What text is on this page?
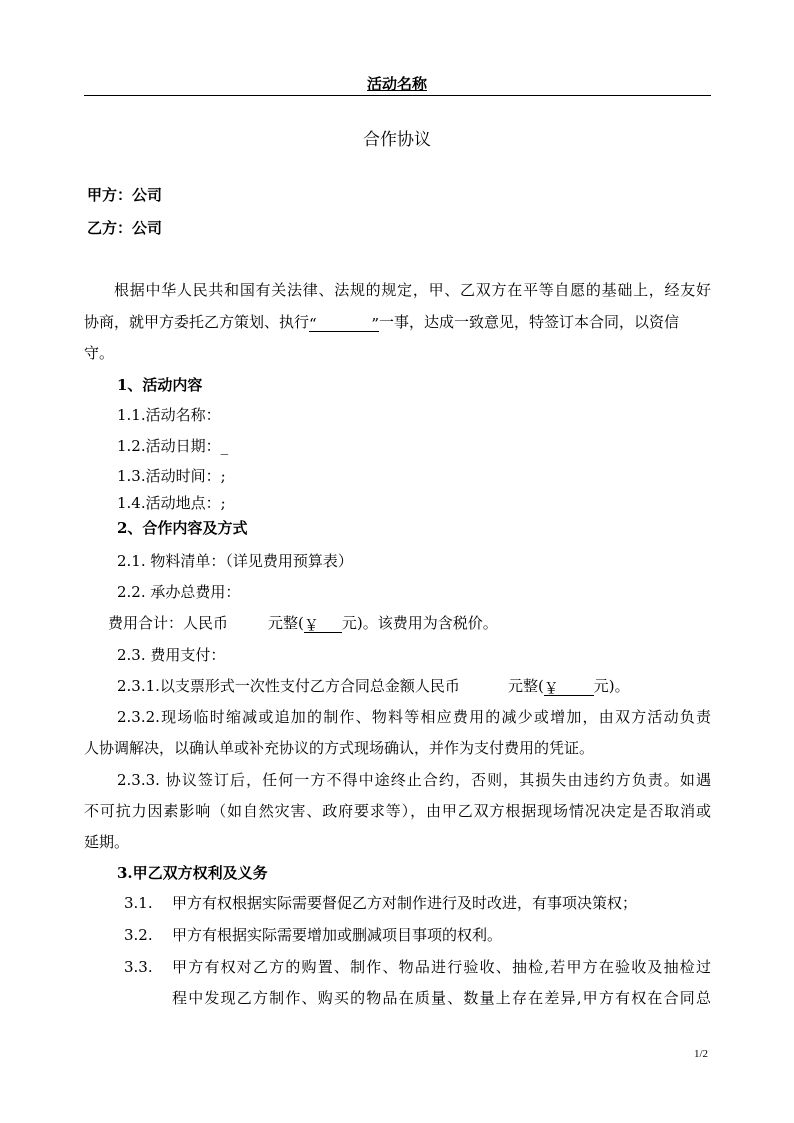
活动名称
合作协议
甲方：公司
乙方：公司
根据中华人民共和国有关法律、法规的规定，甲、乙双方在平等自愿的基础上，经友好
协商，就甲方委托乙方策划、执行“	” 一事，达成一致意见，特签订本合同，以资信
守。
1、活动内容
1.1.活动名称：
1.2.活动日期：_
1.3.活动时间：;
1.4.活动地点：;
2、合作内容及方式
2.1. 物料清单：（详见费用预算表）
2.2. 承办总费用：
费用合计：人民币	元整(￥ 元)。该费用为含税价。
2.3. 费用支付：
2.3.1.以支票形式一次性支付乙方合同总金额人民币	元整(￥ 元)。
2.3.2.现场临时缩减或追加的制作、物料等相应费用的减少或增加，由双方活动负责
人协调解决，以确认单或补充协议的方式现场确认，并作为支付费用的凭证。
2.3.3. 协议签订后，任何一方不得中途终止合约，否则，其损失由违约方负责。如遇
不可抗力因素影响（如自然灾害、政府要求等），由甲乙双方根据现场情况决定是否取消或
延期。
3.甲乙双方权利及义务
3.1. 甲方有权根据实际需要督促乙方对制作进行及时改进，有事项决策权；
3.2. 甲方有根据实际需要增加或删减项目事项的权利。
3.3. 甲方有权对乙方的购置、制作、物品进行验收、抽检,若甲方在验收及抽检过
程中发现乙方制作、购买的物品在质量、数量上存在差异,甲方有权在合同总
1/2
